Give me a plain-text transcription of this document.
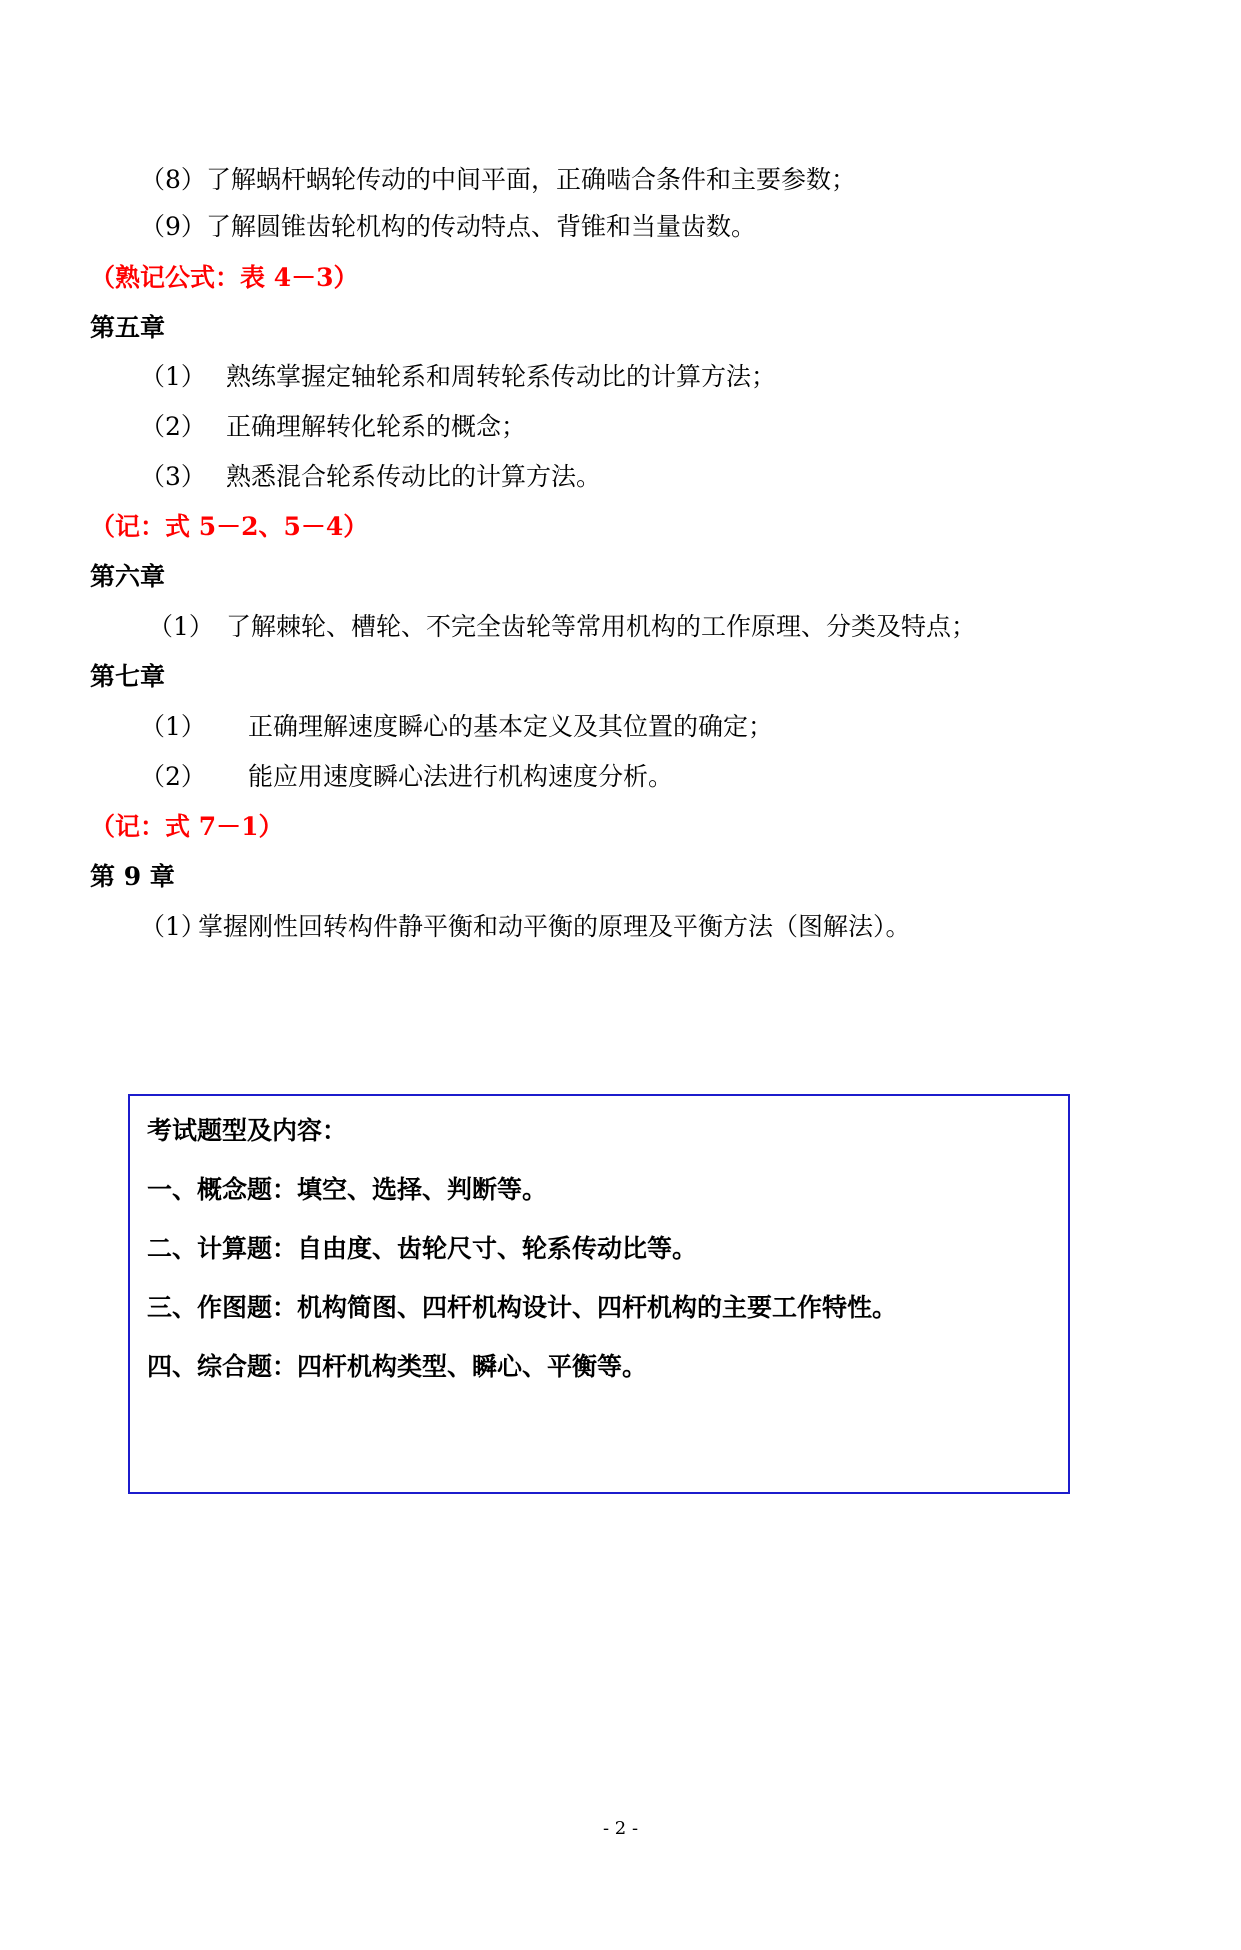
（8）了解蜗杆蜗轮传动的中间平面，正确啮合条件和主要参数；
（9）了解圆锥齿轮机构的传动特点、背锥和当量齿数。
（熟记公式：表 4－3）
第五章
（1） 熟练掌握定轴轮系和周转轮系传动比的计算方法；
（2） 正确理解转化轮系的概念；
（3） 熟悉混合轮系传动比的计算方法。
（记：式 5－2、5－4）
第六章
（1） 了解棘轮、槽轮、不完全齿轮等常用机构的工作原理、分类及特点；
第七章
（1） 正确理解速度瞬心的基本定义及其位置的确定；
（2） 能应用速度瞬心法进行机构速度分析。
（记：式 7－1）
第 9 章
（1）掌握刚性回转构件静平衡和动平衡的原理及平衡方法（图解法）。
考试题型及内容：
一、概念题：填空、选择、判断等。
二、计算题：自由度、齿轮尺寸、轮系传动比等。
三、作图题：机构简图、四杆机构设计、四杆机构的主要工作特性。
四、综合题：四杆机构类型、瞬心、平衡等。
- 2 -
